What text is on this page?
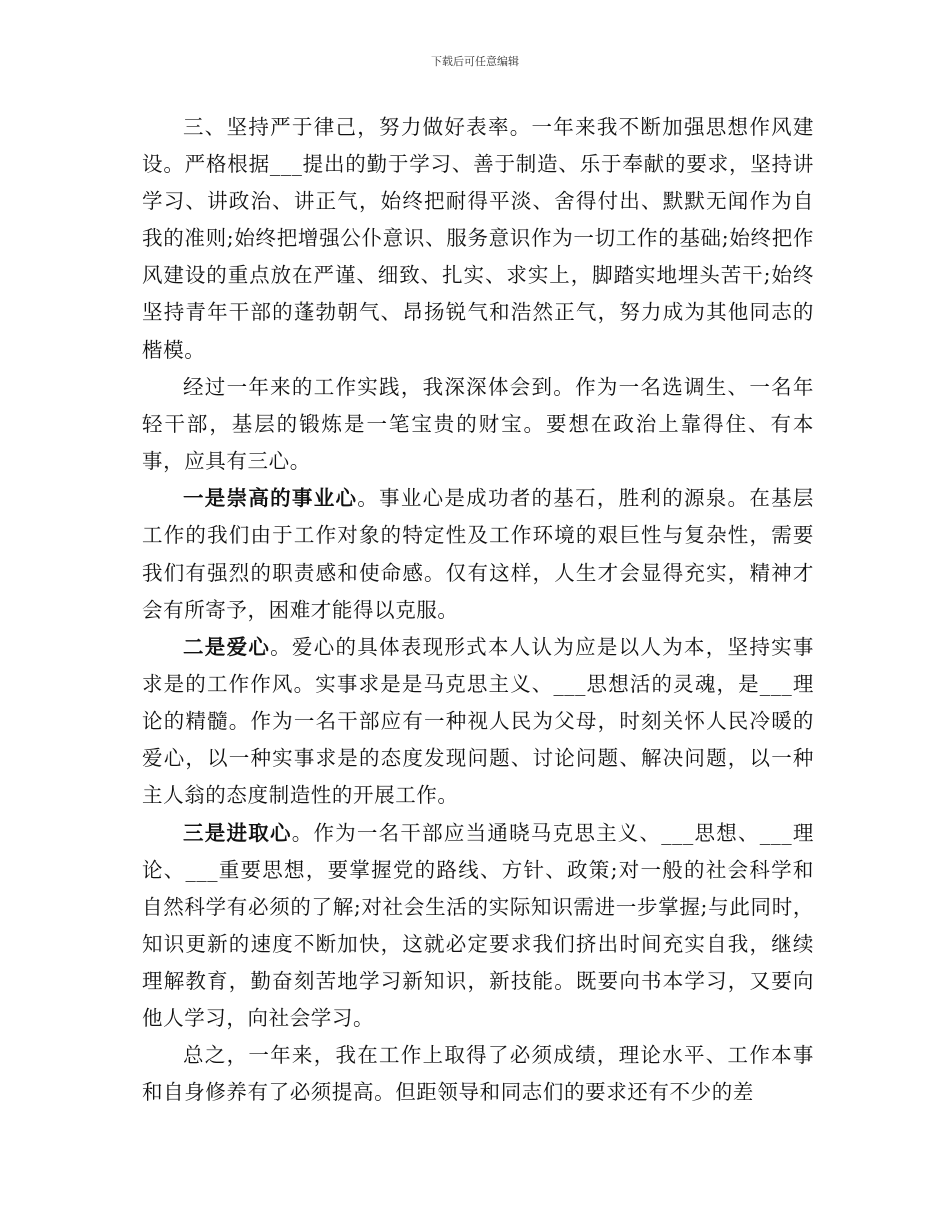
下载后可任意编辑

三、坚持严于律己，努力做好表率。一年来我不断加强思想作风建设。严格根据___提出的勤于学习、善于制造、乐于奉献的要求，坚持讲学习、讲政治、讲正气，始终把耐得平淡、舍得付出、默默无闻作为自我的准则;始终把增强公仆意识、服务意识作为一切工作的基础;始终把作风建设的重点放在严谨、细致、扎实、求实上，脚踏实地埋头苦干;始终坚持青年干部的蓬勃朝气、昂扬锐气和浩然正气，努力成为其他同志的楷模。

经过一年来的工作实践，我深深体会到。作为一名选调生、一名年轻干部，基层的锻炼是一笔宝贵的财宝。要想在政治上靠得住、有本事，应具有三心。

一是崇高的事业心。事业心是成功者的基石，胜利的源泉。在基层工作的我们由于工作对象的特定性及工作环境的艰巨性与复杂性，需要我们有强烈的职责感和使命感。仅有这样，人生才会显得充实，精神才会有所寄予，困难才能得以克服。

二是爱心。爱心的具体表现形式本人认为应是以人为本，坚持实事求是的工作作风。实事求是是马克思主义、___思想活的灵魂，是___理论的精髓。作为一名干部应有一种视人民为父母，时刻关怀人民冷暖的爱心，以一种实事求是的态度发现问题、讨论问题、解决问题，以一种主人翁的态度制造性的开展工作。

三是进取心。作为一名干部应当通晓马克思主义、___思想、___理论、___重要思想，要掌握党的路线、方针、政策;对一般的社会科学和自然科学有必须的了解;对社会生活的实际知识需进一步掌握;与此同时，知识更新的速度不断加快，这就必定要求我们挤出时间充实自我，继续理解教育，勤奋刻苦地学习新知识，新技能。既要向书本学习，又要向他人学习，向社会学习。

总之，一年来，我在工作上取得了必须成绩，理论水平、工作本事和自身修养有了必须提高。但距领导和同志们的要求还有不少的差
